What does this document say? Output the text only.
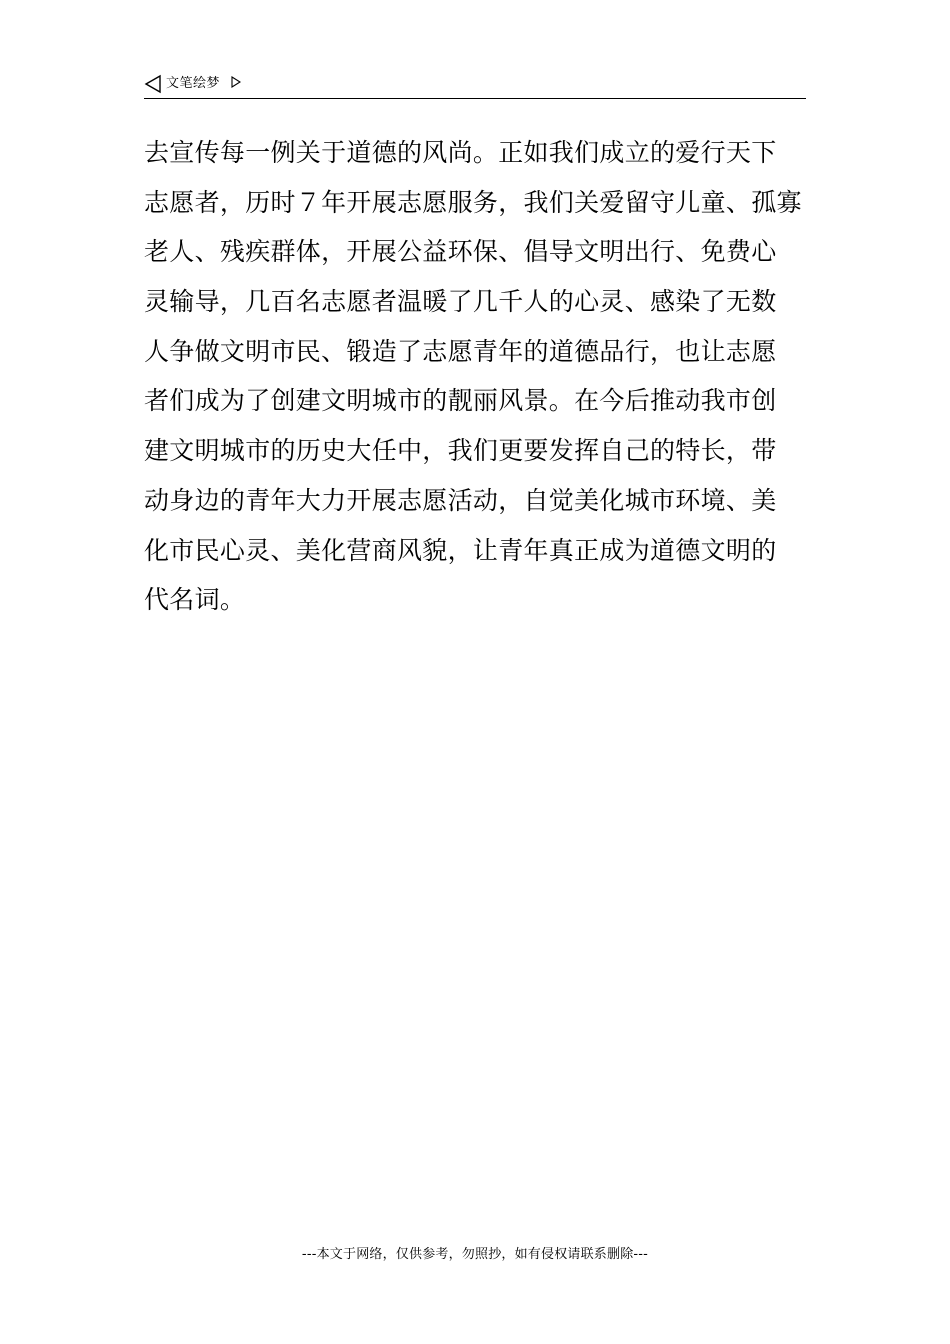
文笔绘梦
去宣传每一例关于道德的风尚。正如我们成立的爱行天下
志愿者，历时７年开展志愿服务，我们关爱留守儿童、孤寡
老人、残疾群体，开展公益环保、倡导文明出行、免费心
灵输导，几百名志愿者温暖了几千人的心灵、感染了无数
人争做文明市民、锻造了志愿青年的道德品行，也让志愿
者们成为了创建文明城市的靓丽风景。在今后推动我市创
建文明城市的历史大任中，我们更要发挥自己的特长，带
动身边的青年大力开展志愿活动，自觉美化城市环境、美
化市民心灵、美化营商风貌，让青年真正成为道德文明的
代名词。
---本文于网络，仅供参考，勿照抄，如有侵权请联系删除---
